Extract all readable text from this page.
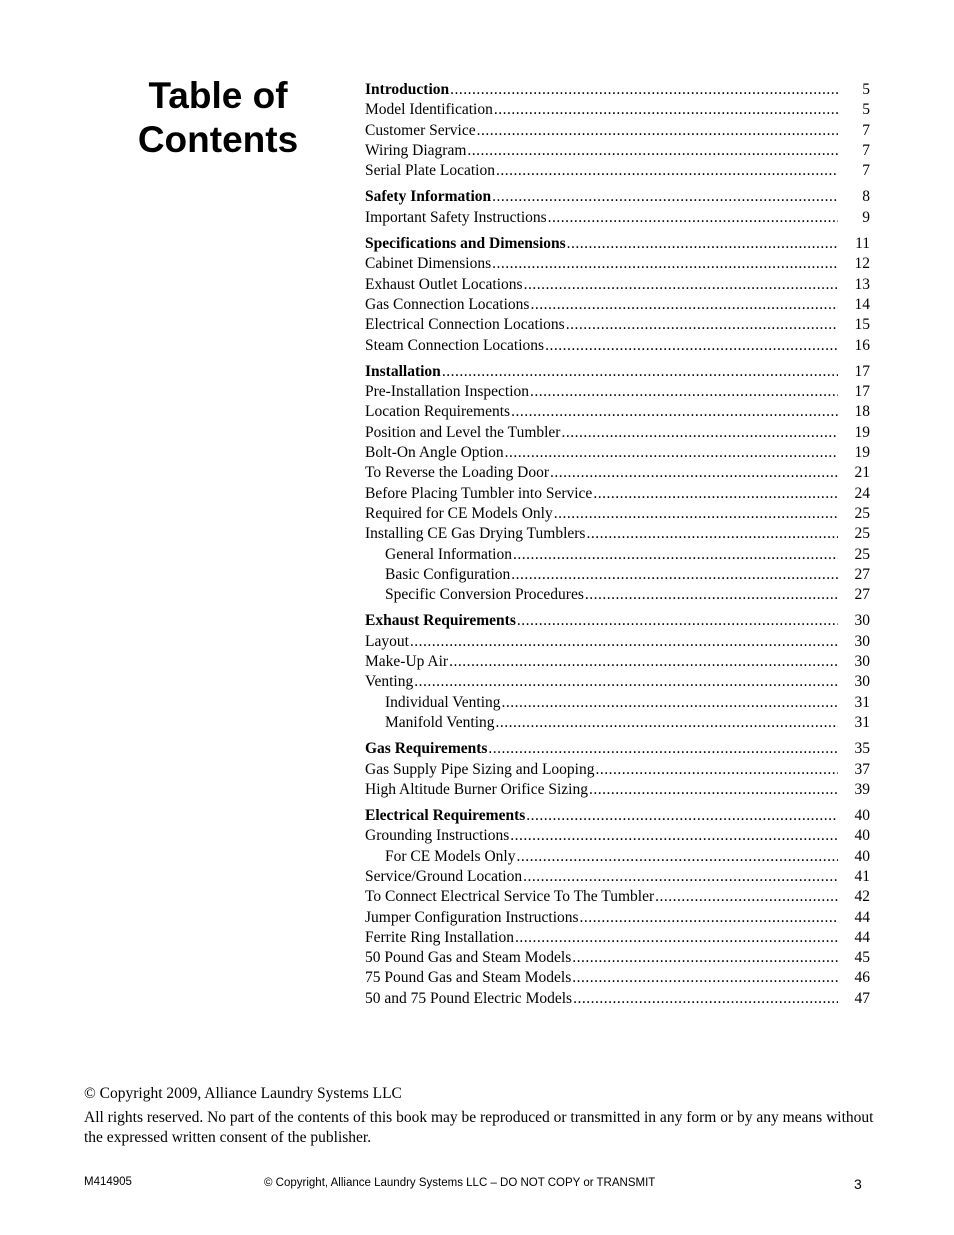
Table of
Contents
Introduction .....	5
Model Identification .....	5
Customer Service .....	7
Wiring Diagram .....	7
Serial Plate Location .....	7
Safety Information .....	8
Important Safety Instructions .....	9
Specifications and Dimensions .....	11
Cabinet Dimensions .....	12
Exhaust Outlet Locations .....	13
Gas Connection Locations .....	14
Electrical Connection Locations .....	15
Steam Connection Locations .....	16
Installation .....	17
Pre-Installation Inspection .....	17
Location Requirements .....	18
Position and Level the Tumbler .....	19
Bolt-On Angle Option .....	19
To Reverse the Loading Door .....	21
Before Placing Tumbler into Service .....	24
Required for CE Models Only .....	25
Installing CE Gas Drying Tumblers .....	25
General Information .....	25
Basic Configuration .....	27
Specific Conversion Procedures .....	27
Exhaust Requirements .....	30
Layout .....	30
Make-Up Air .....	30
Venting .....	30
Individual Venting .....	31
Manifold Venting .....	31
Gas Requirements .....	35
Gas Supply Pipe Sizing and Looping .....	37
High Altitude Burner Orifice Sizing .....	39
Electrical Requirements .....	40
Grounding Instructions .....	40
For CE Models Only .....	40
Service/Ground Location .....	41
To Connect Electrical Service To The Tumbler .....	42
Jumper Configuration Instructions .....	44
Ferrite Ring Installation .....	44
50 Pound Gas and Steam Models .....	45
75 Pound Gas and Steam Models .....	46
50 and 75 Pound Electric Models .....	47

© Copyright 2009, Alliance Laundry Systems LLC

All rights reserved. No part of the contents of this book may be reproduced or transmitted in any form or by any means without the expressed written consent of the publisher.

M414905	© Copyright, Alliance Laundry Systems LLC – DO NOT COPY or TRANSMIT	3
